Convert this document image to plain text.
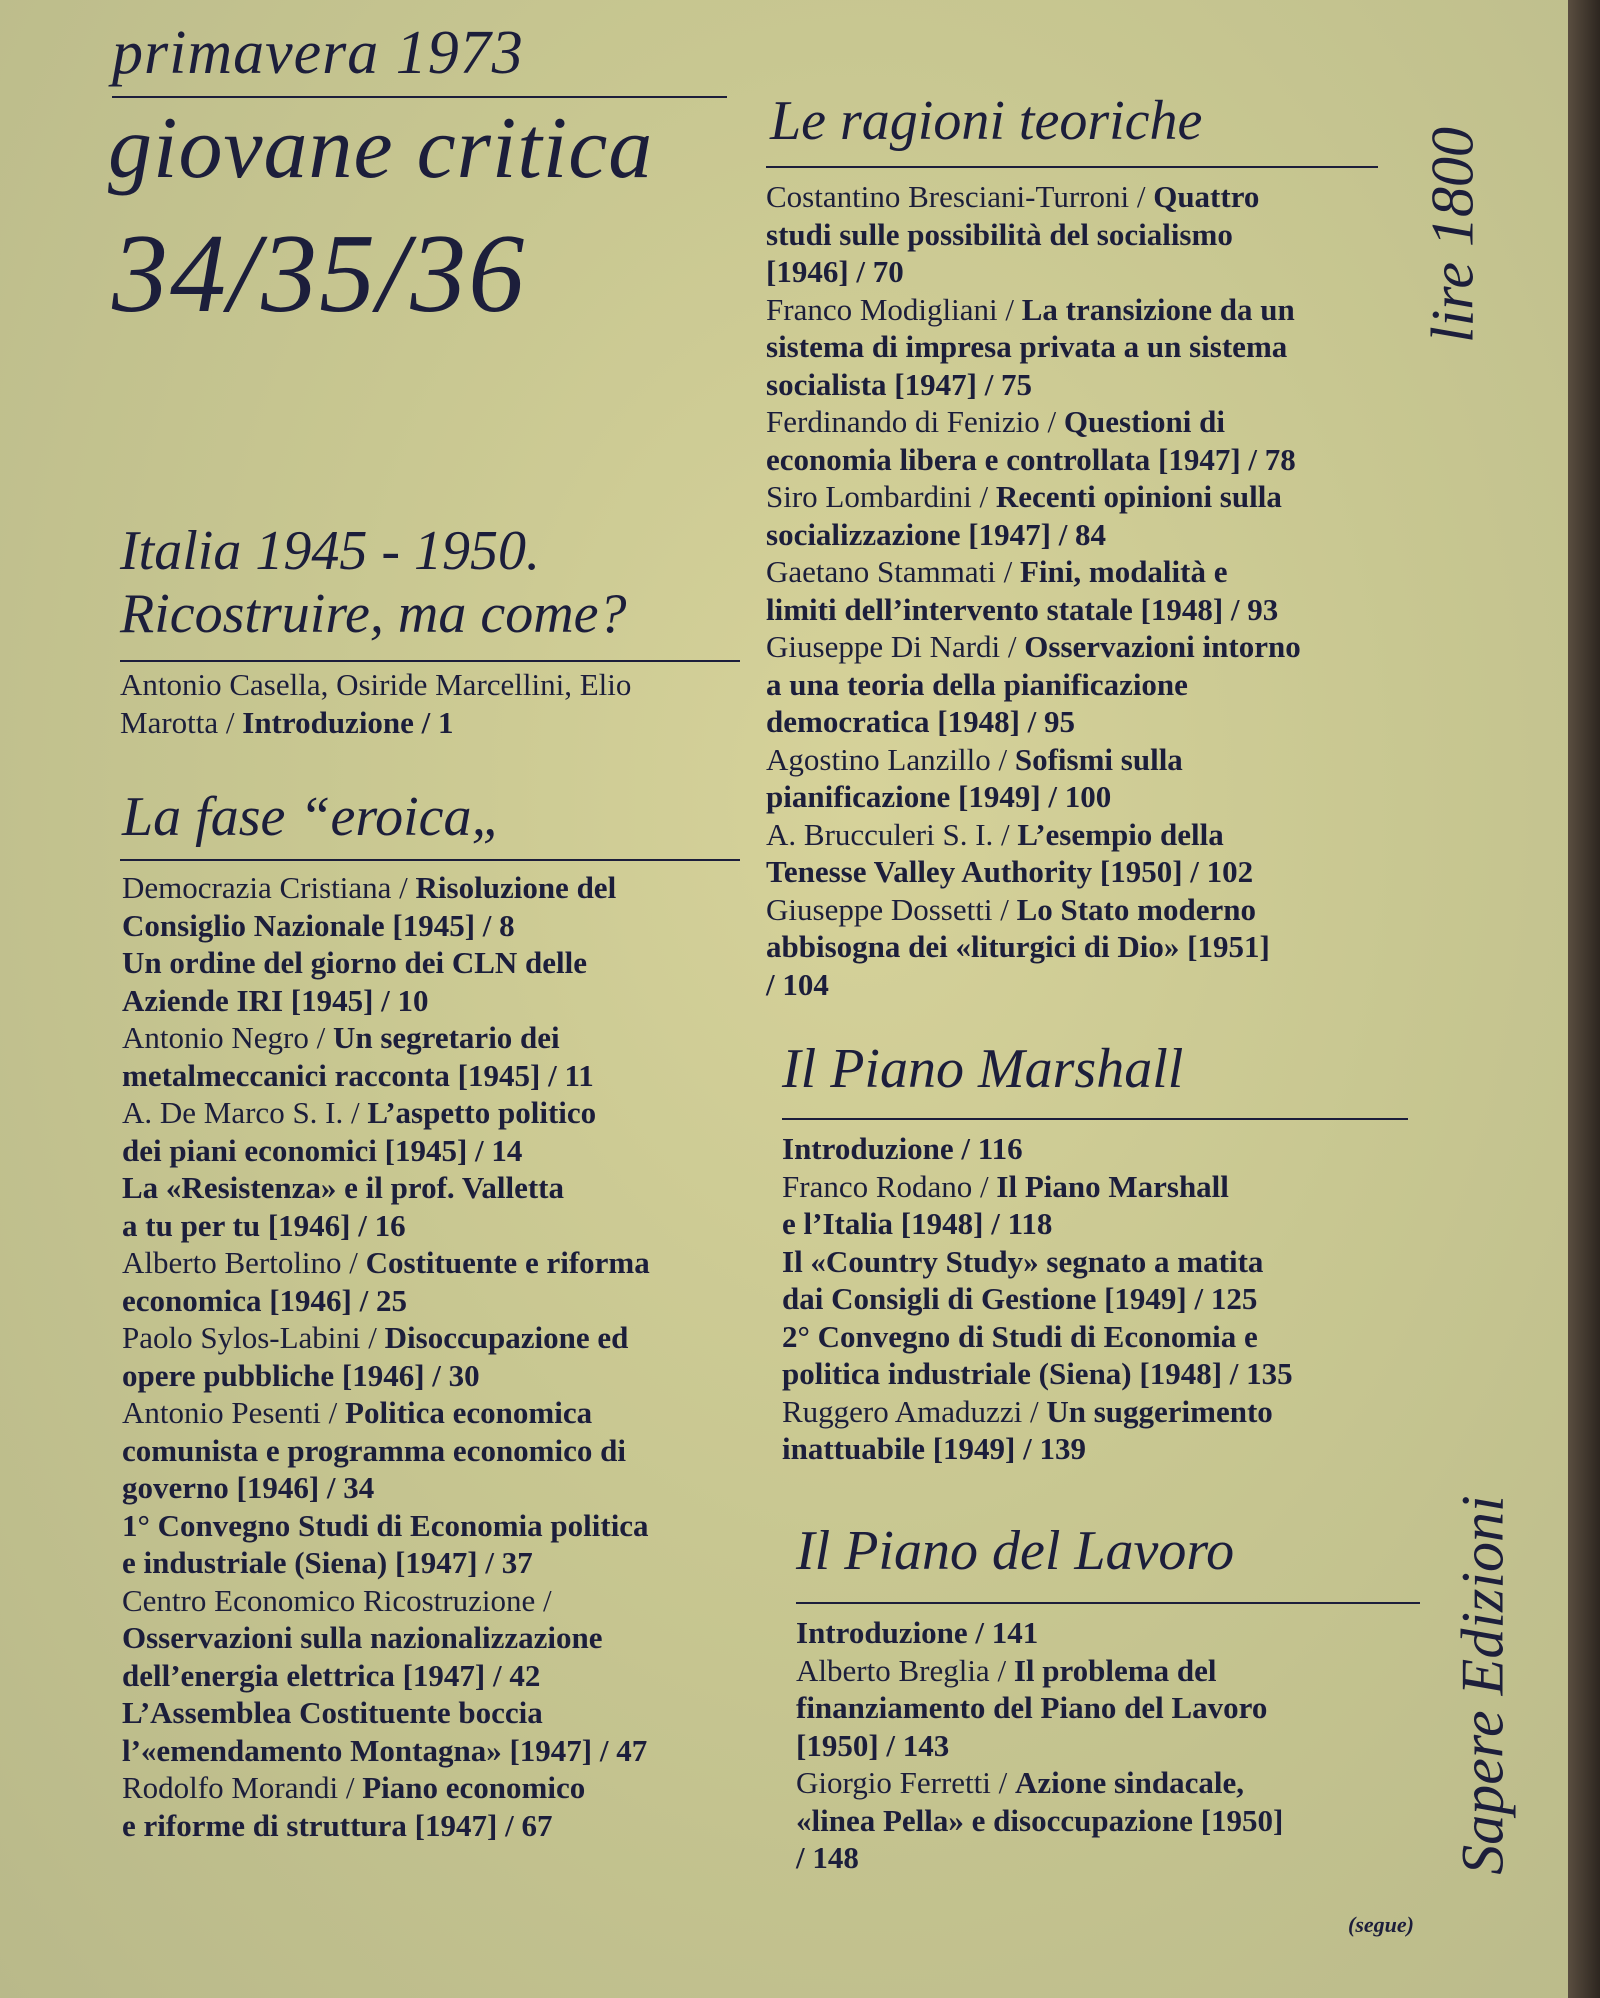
primavera 1973
giovane critica
34/35/36	lire 1800
Italia 1945 - 1950.
Ricostruire, ma come?
Antonio Casella, Osiride Marcellini, Elio
Marotta / Introduzione / 1
La fase “eroica„
Democrazia Cristiana / Risoluzione del
Consiglio Nazionale [1945] / 8
Un ordine del giorno dei CLN delle
Aziende IRI [1945] / 10
Antonio Negro / Un segretario dei
metalmeccanici racconta [1945] / 11
A. De Marco S. I. / L’aspetto politico
dei piani economici [1945] / 14
La «Resistenza» e il prof. Valletta
a tu per tu [1946] / 16
Alberto Bertolino / Costituente e riforma
economica [1946] / 25
Paolo Sylos-Labini / Disoccupazione ed
opere pubbliche [1946] / 30
Antonio Pesenti / Politica economica
comunista e programma economico di
governo [1946] / 34
1° Convegno Studi di Economia politica
e industriale (Siena) [1947] / 37
Centro Economico Ricostruzione /
Osservazioni sulla nazionalizzazione
dell’energia elettrica [1947] / 42
L’Assemblea Costituente boccia
l’«emendamento Montagna» [1947] / 47
Rodolfo Morandi / Piano economico
e riforme di struttura [1947] / 67
Le ragioni teoriche
Costantino Bresciani-Turroni / Quattro
studi sulle possibilità del socialismo
[1946] / 70
Franco Modigliani / La transizione da un
sistema di impresa privata a un sistema
socialista [1947] / 75
Ferdinando di Fenizio / Questioni di
economia libera e controllata [1947] / 78
Siro Lombardini / Recenti opinioni sulla
socializzazione [1947] / 84
Gaetano Stammati / Fini, modalità e
limiti dell’intervento statale [1948] / 93
Giuseppe Di Nardi / Osservazioni intorno
a una teoria della pianificazione
democratica [1948] / 95
Agostino Lanzillo / Sofismi sulla
pianificazione [1949] / 100
A. Brucculeri S. I. / L’esempio della
Tenesse Valley Authority [1950] / 102
Giuseppe Dossetti / Lo Stato moderno
abbisogna dei «liturgici di Dio» [1951]
/ 104
Il Piano Marshall
Introduzione / 116
Franco Rodano / Il Piano Marshall
e l’Italia [1948] / 118
Il «Country Study» segnato a matita
dai Consigli di Gestione [1949] / 125
2° Convegno di Studi di Economia e
politica industriale (Siena) [1948] / 135
Ruggero Amaduzzi / Un suggerimento
inattuabile [1949] / 139
Il Piano del Lavoro
Introduzione / 141
Alberto Breglia / Il problema del
finanziamento del Piano del Lavoro
[1950] / 143
Giorgio Ferretti / Azione sindacale,
«linea Pella» e disoccupazione [1950]
/ 148
(segue)
Sapere Edizioni
